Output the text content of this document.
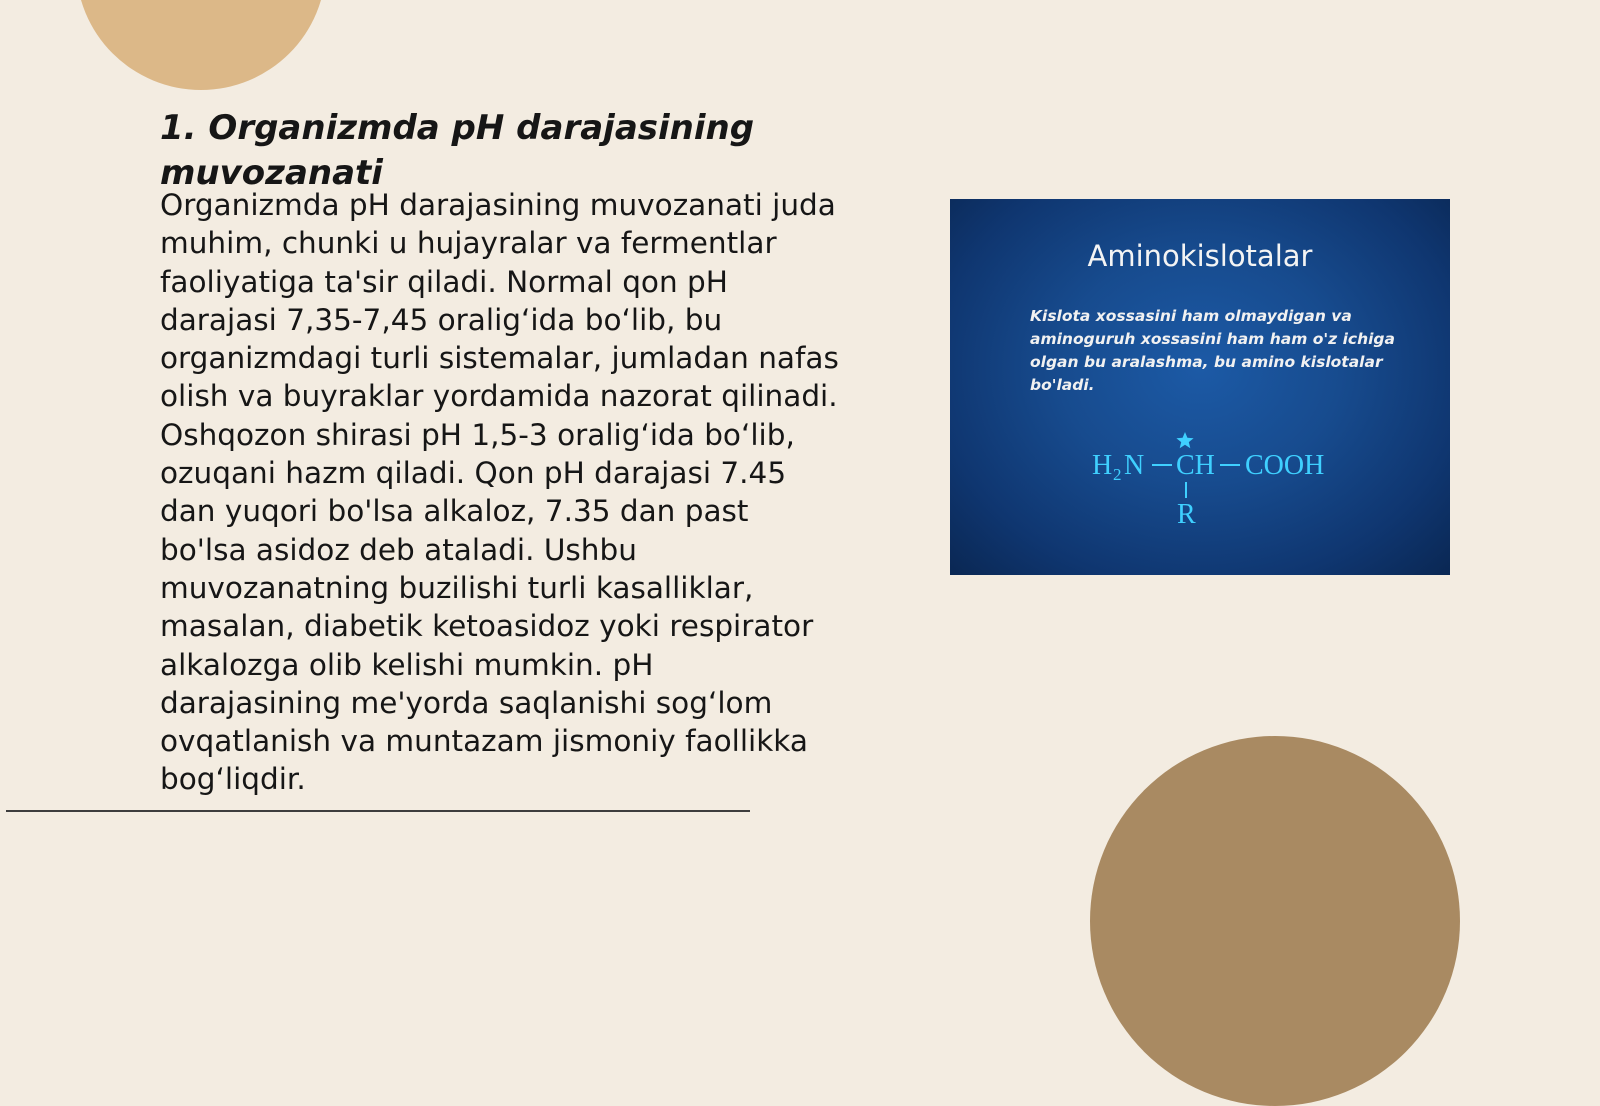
1. Organizmda pH darajasining muvozanati

Organizmda pH darajasining muvozanati juda muhim, chunki u hujayralar va fermentlar faoliyatiga ta'sir qiladi. Normal qon pH darajasi 7,35-7,45 oralig‘ida bo‘lib, bu organizmdagi turli sistemalar, jumladan nafas olish va buyraklar yordamida nazorat qilinadi. Oshqozon shirasi pH 1,5-3 oralig‘ida bo‘lib, ozuqani hazm qiladi. Qon pH darajasi 7.45 dan yuqori bo'lsa alkaloz, 7.35 dan past bo'lsa asidoz deb ataladi. Ushbu muvozanatning buzilishi turli kasalliklar, masalan, diabetik ketoasidoz yoki respirator alkalozga olib kelishi mumkin. pH darajasining me'yorda saqlanishi sog‘lom ovqatlanish va muntazam jismoniy faollikka bog‘liqdir.

Aminokislotalar
Kislota xossasini ham olmaydigan va aminoguruh xossasini ham ham o'z ichiga olgan bu aralashma, bu amino kislotalar bo'ladi.
H 2 N CH COOH
R
